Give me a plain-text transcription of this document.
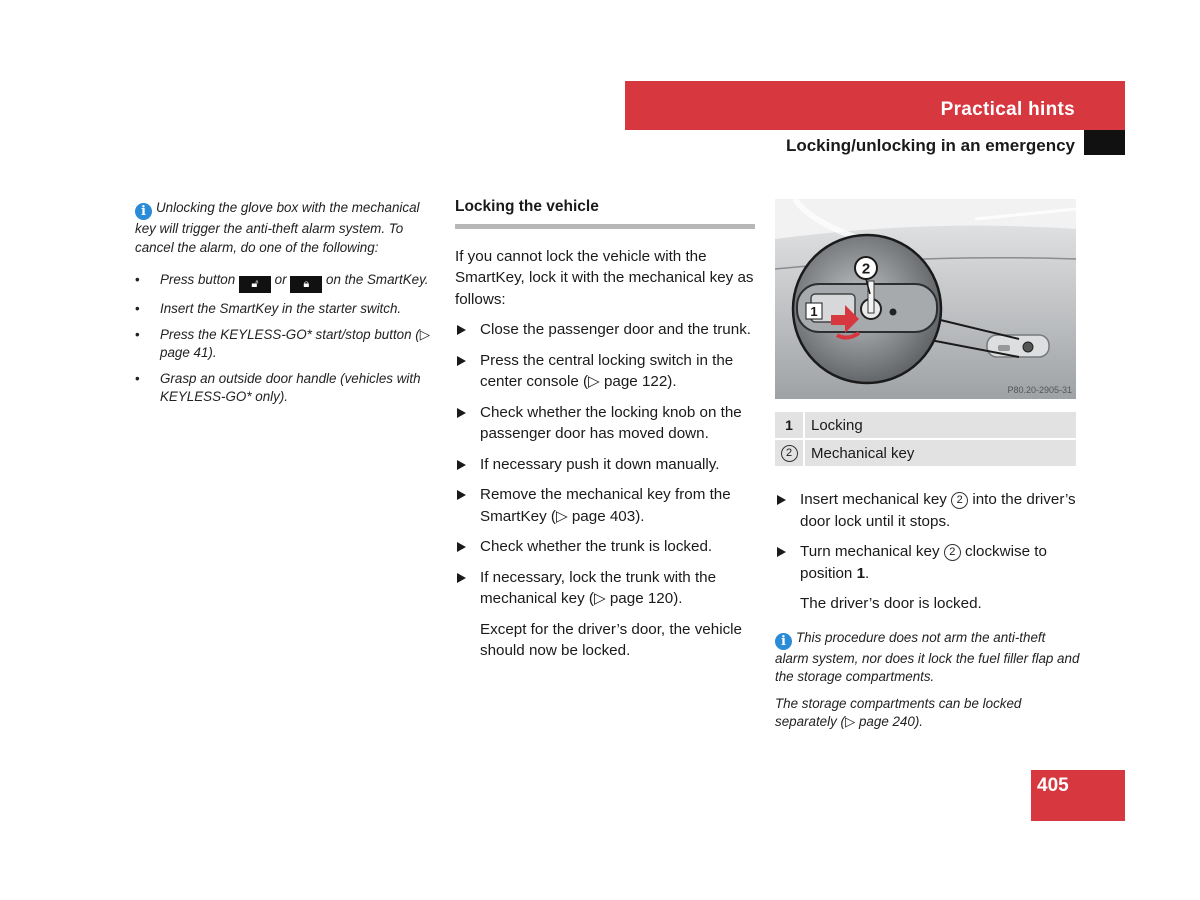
Practical hints
Locking/unlocking in an emergency

i Unlocking the glove box with the mechanical key will trigger the anti-theft alarm system. To cancel the alarm, do one of the following:

• Press button 🔓︎ or 🔒︎ on the SmartKey.
• Insert the SmartKey in the starter switch.
• Press the KEYLESS-GO* start/stop button (▷ page 41).
• Grasp an outside door handle (vehicles with KEYLESS-GO* only).
Locking the vehicle

If you cannot lock the vehicle with the SmartKey, lock it with the mechanical key as follows:

Close the passenger door and the trunk.
Press the central locking switch in the center console (▷ page 122).
Check whether the locking knob on the passenger door has moved down.
If necessary push it down manually.
Remove the mechanical key from the SmartKey (▷ page 403).
Check whether the trunk is locked.
If necessary, lock the trunk with the mechanical key (▷ page 120).

Except for the driver’s door, the vehicle should now be locked.

2
1
P80.20-2905-31
1	Locking
2	Mechanical key
Insert mechanical key 2 into the driver’s door lock until it stops.
Turn mechanical key 2 clockwise to position 1.

The driver’s door is locked.

i This procedure does not arm the anti-theft alarm system, nor does it lock the fuel filler flap and the storage compartments.

The storage compartments can be locked separately (▷ page 240).

405
